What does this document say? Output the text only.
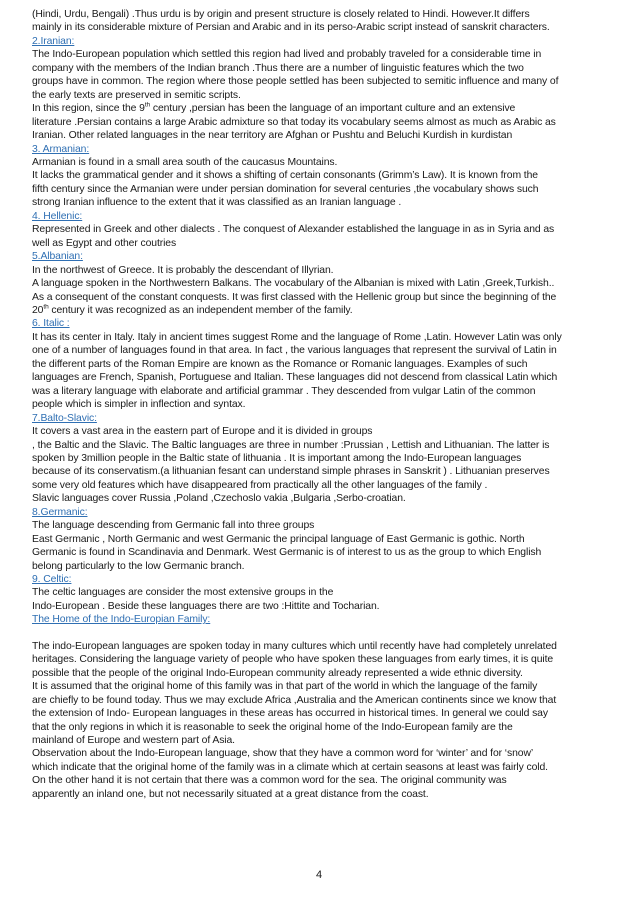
(Hindi, Urdu, Bengali) .Thus urdu is by origin and present structure is closely related to Hindi. However.It differs
mainly in its considerable mixture of Persian and Arabic and in its perso-Arabic script instead of sanskrit characters.
2.Iranian:
The Indo-European population which settled this region had lived and probably traveled for a considerable time in
company with the members of the Indian branch .Thus there are a number of linguistic features which the two
groups have in common. The region where those people settled has been subjected to semitic influence and many of
the early texts are preserved in semitic scripts.
In this region, since the 9th century ,persian has been the language of an important culture and an extensive
literature .Persian contains a large Arabic admixture so that today its vocabulary seems almost as much as Arabic as
Iranian. Other related languages in the near territory are Afghan or Pushtu and Beluchi Kurdish in kurdistan
3. Armanian:
Armanian is found in a small area south of the caucasus Mountains.
It lacks the grammatical gender and it shows a shifting of certain consonants (Grimm’s Law). It is known from the
fifth century since the Armanian were under persian domination for several centuries ,the vocabulary shows such
strong Iranian influence to the extent that it was classified as an Iranian language .
4. Hellenic:
Represented in Greek and other dialects . The conquest of Alexander established the language in as in Syria and as
well as Egypt and other coutries
5.Albanian:
In the northwest of Greece. It is probably the descendant of Illyrian.
A language spoken in the Northwestern Balkans. The vocabulary of the Albanian is mixed with Latin ,Greek,Turkish..
As a consequent of the constant conquests. It was first classed with the Hellenic group but since the beginning of the
20th century it was recognized as an independent member of the family.
6. Italic :
It has its center in Italy. Italy in ancient times suggest Rome and the language of Rome ,Latin. However Latin was only
one of a number of languages found in that area. In fact , the various languages that represent the survival of Latin in
the different parts of the Roman Empire are known as the Romance or Romanic languages. Examples of such
languages are French, Spanish, Portuguese and Italian. These languages did not descend from classical Latin which
was a literary language with elaborate and artificial grammar . They descended from vulgar Latin of the common
people which is simpler in inflection and syntax.
7.Balto-Slavic:
It covers a vast area in the eastern part of Europe and it is divided in groups
, the Baltic and the Slavic. The Baltic languages are three in number :Prussian , Lettish and Lithuanian. The latter is
spoken by 3million people in the Baltic state of lithuania . It is important among the Indo-European languages
because of its conservatism.(a lithuanian fesant can understand simple phrases in Sanskrit ) . Lithuanian preserves
some very old features which have disappeared from practically all the other languages of the family .
Slavic languages cover Russia ,Poland ,Czechoslo vakia ,Bulgaria ,Serbo-croatian.
8.Germanic:
The language descending from Germanic fall into three groups
East Germanic , North Germanic and west Germanic the principal language of East Germanic is gothic. North
Germanic is found in Scandinavia and Denmark. West Germanic is of interest to us as the group to which English
belong particularly to the low Germanic branch.
9. Celtic:
The celtic languages are consider the most extensive groups in the
Indo-European . Beside these languages there are two :Hittite and Tocharian.
The Home of the Indo-Europian Family:
The indo-European languages are spoken today in many cultures which until recently have had completely unrelated
heritages. Considering the language variety of people who have spoken these languages from early times, it is quite
possible that the people of the original Indo-European community already represented a wide ethnic diversity.
It is assumed that the original home of this family was in that part of the world in which the language of the family
are chiefly to be found today. Thus we may exclude Africa ,Australia and the American continents since we know that
the extension of Indo- European languages in these areas has occurred in historical times. In general we could say
that the only regions in which it is reasonable to seek the original home of the Indo-European family are the
mainland of Europe and western part of Asia.
Observation about the Indo-European language, show that they have a common word for ‘winter’ and for ‘snow’
which indicate that the original home of the family was in a climate which at certain seasons at least was fairly cold.
On the other hand it is not certain that there was a common word for the sea. The original community was
apparently an inland one, but not necessarily situated at a great distance from the coast.
4
